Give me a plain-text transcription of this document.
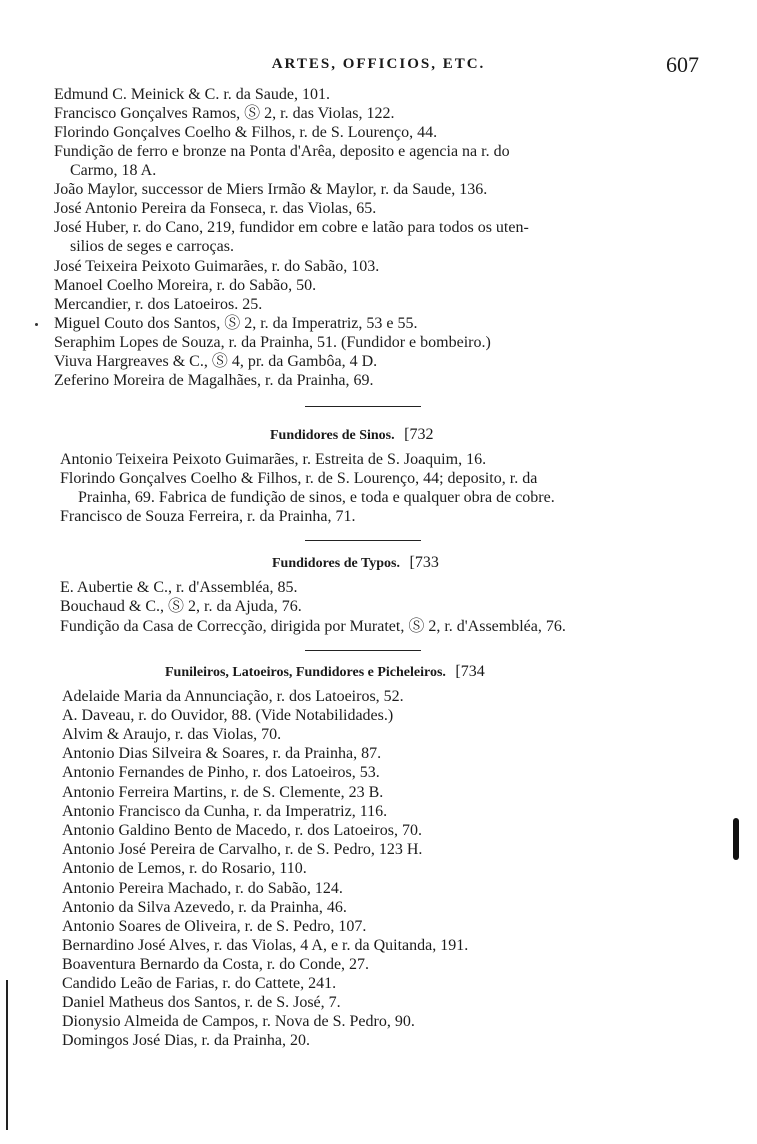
ARTES, OFFICIOS, ETC.	607
Edmund C. Meinick & C. r. da Saude, 101.
Francisco Gonçalves Ramos, Ⓢ 2, r. das Violas, 122.
Florindo Gonçalves Coelho & Filhos, r. de S. Lourenço, 44.
Fundição de ferro e bronze na Ponta d'Arêa, deposito e agencia na r. do
Carmo, 18 A.
João Maylor, successor de Miers Irmão & Maylor, r. da Saude, 136.
José Antonio Pereira da Fonseca, r. das Violas, 65.
José Huber, r. do Cano, 219, fundidor em cobre e latão para todos os uten-
silios de seges e carroças.
José Teixeira Peixoto Guimarães, r. do Sabão, 103.
Manoel Coelho Moreira, r. do Sabão, 50.
Mercandier, r. dos Latoeiros. 25.
Miguel Couto dos Santos, Ⓢ 2, r. da Imperatriz, 53 e 55.
Seraphim Lopes de Souza, r. da Prainha, 51. (Fundidor e bombeiro.)
Viuva Hargreaves & C., Ⓢ 4, pr. da Gambôa, 4 D.
Zeferino Moreira de Magalhães, r. da Prainha, 69.
Fundidores de Sinos. [732
Antonio Teixeira Peixoto Guimarães, r. Estreita de S. Joaquim, 16.
Florindo Gonçalves Coelho & Filhos, r. de S. Lourenço, 44; deposito, r. da
Prainha, 69. Fabrica de fundição de sinos, e toda e qualquer obra de cobre.
Francisco de Souza Ferreira, r. da Prainha, 71.
Fundidores de Typos. [733
E. Aubertie & C., r. d'Assembléa, 85.
Bouchaud & C., Ⓢ 2, r. da Ajuda, 76.
Fundição da Casa de Correcção, dirigida por Muratet, Ⓢ 2, r. d'Assembléa, 76.
Funileiros, Latoeiros, Fundidores e Picheleiros. [734
Adelaide Maria da Annunciação, r. dos Latoeiros, 52.
A. Daveau, r. do Ouvidor, 88. (Vide Notabilidades.)
Alvim & Araujo, r. das Violas, 70.
Antonio Dias Silveira & Soares, r. da Prainha, 87.
Antonio Fernandes de Pinho, r. dos Latoeiros, 53.
Antonio Ferreira Martins, r. de S. Clemente, 23 B.
Antonio Francisco da Cunha, r. da Imperatriz, 116.
Antonio Galdino Bento de Macedo, r. dos Latoeiros, 70.
Antonio José Pereira de Carvalho, r. de S. Pedro, 123 H.
Antonio de Lemos, r. do Rosario, 110.
Antonio Pereira Machado, r. do Sabão, 124.
Antonio da Silva Azevedo, r. da Prainha, 46.
Antonio Soares de Oliveira, r. de S. Pedro, 107.
Bernardino José Alves, r. das Violas, 4 A, e r. da Quitanda, 191.
Boaventura Bernardo da Costa, r. do Conde, 27.
Candido Leão de Farias, r. do Cattete, 241.
Daniel Matheus dos Santos, r. de S. José, 7.
Dionysio Almeida de Campos, r. Nova de S. Pedro, 90.
Domingos José Dias, r. da Prainha, 20.
